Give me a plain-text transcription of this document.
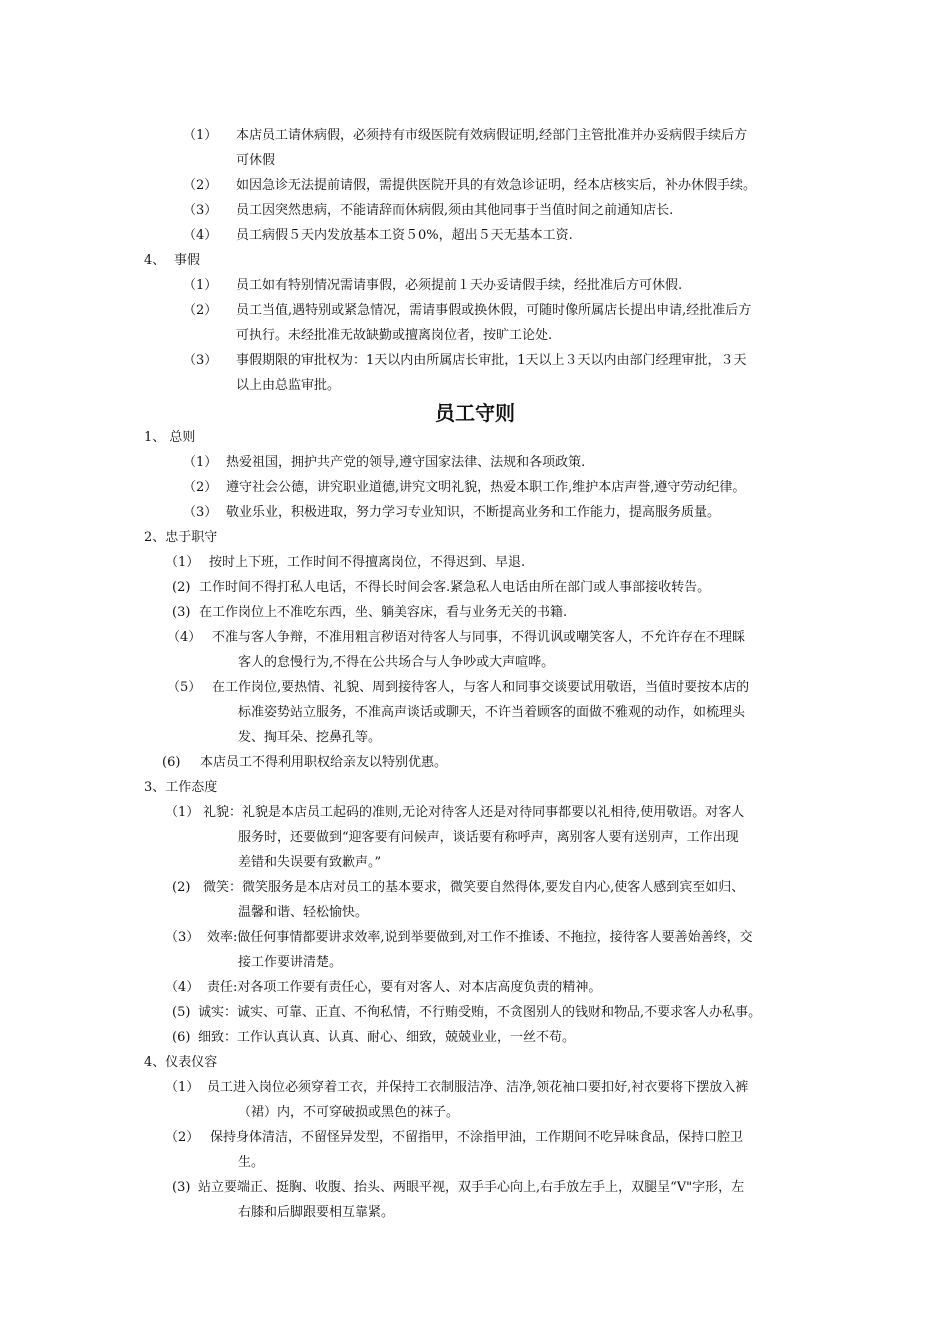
（1） 本店员工请休病假，必须持有市级医院有效病假证明,经部门主管批准并办妥病假手续后方
可休假
（2） 如因急诊无法提前请假，需提供医院开具的有效急诊证明，经本店核实后，补办休假手续。
（3） 员工因突然患病，不能请辞而休病假,须由其他同事于当值时间之前通知店长.
（4） 员工病假５天内发放基本工资５0%，超出５天无基本工资.
4、 事假
（1） 员工如有特别情况需请事假，必须提前１天办妥请假手续，经批准后方可休假.
（2） 员工当值,遇特别或紧急情况，需请事假或换休假，可随时像所属店长提出申请,经批准后方
可执行。未经批准无故缺勤或擅离岗位者，按旷工论处.
（3） 事假期限的审批权为：1天以内由所属店长审批，1天以上３天以内由部门经理审批，３天
以上由总监审批。
员工守则
1、 总则
（1） 热爱祖国，拥护共产党的领导,遵守国家法律、法规和各项政策.
（2） 遵守社会公德，讲究职业道德,讲究文明礼貌，热爱本职工作,维护本店声誉,遵守劳动纪律。
（3） 敬业乐业，积极进取，努力学习专业知识，不断提高业务和工作能力，提高服务质量。
2、忠于职守
（1） 按时上下班，工作时间不得擅离岗位，不得迟到、早退.
(2) 工作时间不得打私人电话，不得长时间会客.紧急私人电话由所在部门或人事部接收转告。
(3) 在工作岗位上不准吃东西，坐、躺美容床，看与业务无关的书籍.
（4） 不准与客人争辩，不准用粗言秽语对待客人与同事，不得讥讽或嘲笑客人，不允许存在不理睬
客人的怠慢行为,不得在公共场合与人争吵或大声喧哗。
（5） 在工作岗位,要热情、礼貌、周到接待客人，与客人和同事交谈要试用敬语，当值时要按本店的
标准姿势站立服务，不准高声谈话或聊天，不许当着顾客的面做不雅观的动作，如梳理头
发、掏耳朵、挖鼻孔等。
(6) 本店员工不得利用职权给亲友以特别优惠。
3、工作态度
（1） 礼貌：礼貌是本店员工起码的准则,无论对待客人还是对待同事都要以礼相待,使用敬语。对客人
服务时，还要做到“迎客要有问候声，谈话要有称呼声，离别客人要有送别声，工作出现
差错和失误要有致歉声。”
(2) 微笑：微笑服务是本店对员工的基本要求，微笑要自然得体,要发自内心,使客人感到宾至如归、
温馨和谐、轻松愉快。
（3） 效率:做任何事情都要讲求效率,说到举要做到,对工作不推诿、不拖拉，接待客人要善始善终，交
接工作要讲清楚。
（4） 责任:对各项工作要有责任心，要有对客人、对本店高度负责的精神。
(5) 诚实：诚实、可靠、正直、不徇私情，不行贿受贿，不贪图别人的钱财和物品,不要求客人办私事。
(6) 细致：工作认真认真、认真、耐心、细致，兢兢业业，一丝不苟。
4、仪表仪容
（1） 员工进入岗位必须穿着工衣，并保持工衣制服洁净、洁净,领花袖口要扣好,衬衣要将下摆放入裤
（裙）内，不可穿破损或黑色的袜子。
（2） 保持身体清洁，不留怪异发型，不留指甲，不涂指甲油，工作期间不吃异味食品，保持口腔卫
生。
(3) 站立要端正、挺胸、收腹、抬头、两眼平视，双手手心向上,右手放左手上，双腿呈“V"字形，左
右膝和后脚跟要相互靠紧。
